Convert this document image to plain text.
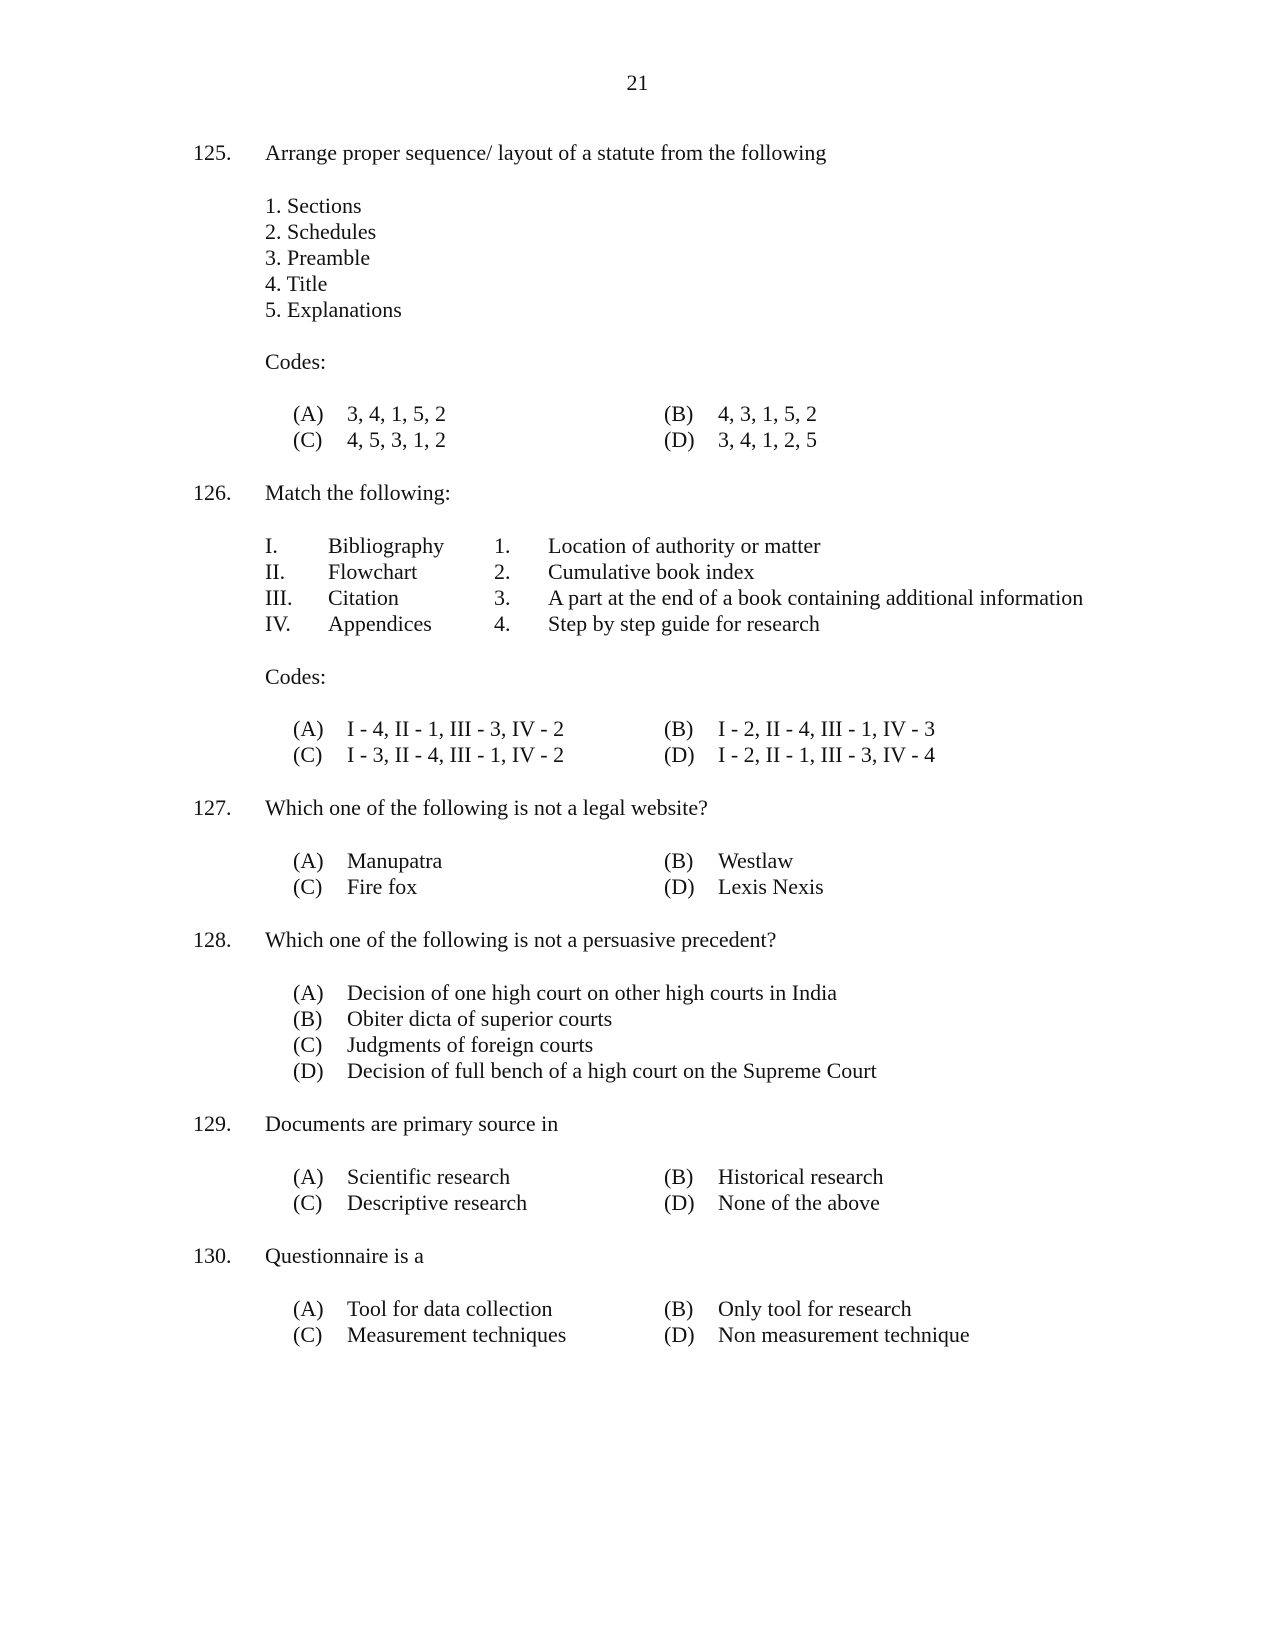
21
125. Arrange proper sequence/ layout of a statute from the following
1. Sections
2. Schedules
3. Preamble
4. Title
5. Explanations
Codes:
(A) 3, 4, 1, 5, 2	(B) 4, 3, 1, 5, 2
(C) 4, 5, 3, 1, 2	(D) 3, 4, 1, 2, 5
126. Match the following:
I. Bibliography 1. Location of authority or matter
II. Flowchart	2. Cumulative book index
III. Citation	3. A part at the end of a book containing additional information
IV. Appendices	4. Step by step guide for research
Codes:
(A) I - 4, II - 1, III - 3, IV - 2	(B) I - 2, II - 4, III - 1, IV - 3
(C) I - 3, II - 4, III - 1, IV - 2	(D) I - 2, II - 1, III - 3, IV - 4
127. Which one of the following is not a legal website?
(A) Manupatra	(B) Westlaw
(C) Fire fox	(D) Lexis Nexis
128. Which one of the following is not a persuasive precedent?
(A) Decision of one high court on other high courts in India
(B) Obiter dicta of superior courts
(C) Judgments of foreign courts
(D) Decision of full bench of a high court on the Supreme Court
129. Documents are primary source in
(A) Scientific research	(B) Historical research
(C) Descriptive research	(D) None of the above
130. Questionnaire is a
(A) Tool for data collection	(B) Only tool for research
(C) Measurement techniques	(D) Non measurement technique
